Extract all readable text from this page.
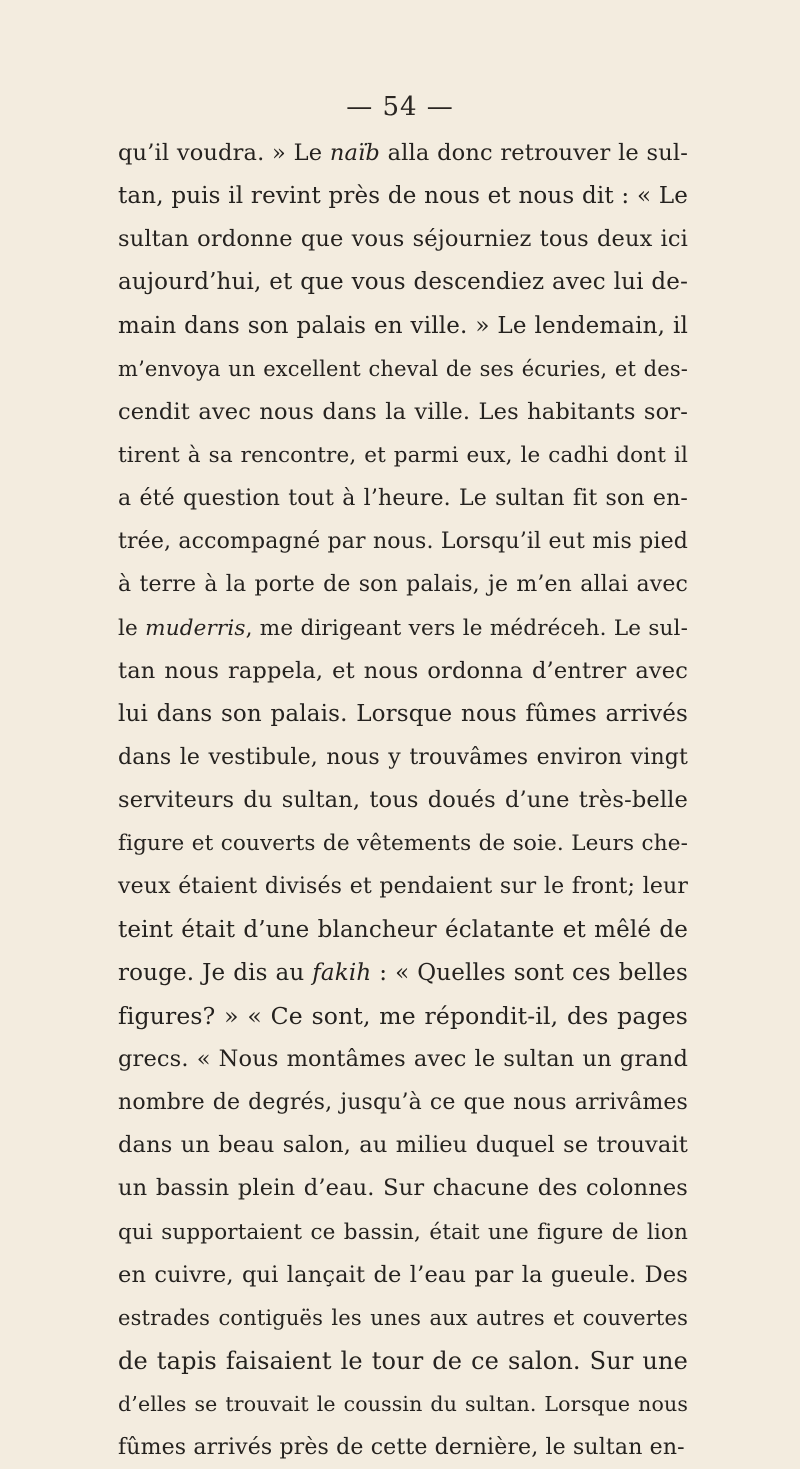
— 54 —
qu’il voudra. » Le naïb alla donc retrouver le sul-
tan, puis il revint près de nous et nous dit : « Le
sultan ordonne que vous séjourniez tous deux ici
aujourd’hui, et que vous descendiez avec lui de-
main dans son palais en ville. » Le lendemain, il
m’envoya un excellent cheval de ses écuries, et des-
cendit avec nous dans la ville. Les habitants sor-
tirent à sa rencontre, et parmi eux, le cadhi dont il
a été question tout à l’heure. Le sultan fit son en-
trée, accompagné par nous. Lorsqu’il eut mis pied
à terre à la porte de son palais, je m’en allai avec
le muderris, me dirigeant vers le médréceh. Le sul-
tan nous rappela, et nous ordonna d’entrer avec
lui dans son palais. Lorsque nous fûmes arrivés
dans le vestibule, nous y trouvâmes environ vingt
serviteurs du sultan, tous doués d’une très-belle
figure et couverts de vêtements de soie. Leurs che-
veux étaient divisés et pendaient sur le front; leur
teint était d’une blancheur éclatante et mêlé de
rouge. Je dis au fakih : « Quelles sont ces belles
figures? » « Ce sont, me répondit-il, des pages
grecs. « Nous montâmes avec le sultan un grand
nombre de degrés, jusqu’à ce que nous arrivâmes
dans un beau salon, au milieu duquel se trouvait
un bassin plein d’eau. Sur chacune des colonnes
qui supportaient ce bassin, était une figure de lion
en cuivre, qui lançait de l’eau par la gueule. Des
estrades contiguës les unes aux autres et couvertes
de tapis faisaient le tour de ce salon. Sur une
d’elles se trouvait le coussin du sultan. Lorsque nous
fûmes arrivés près de cette dernière, le sultan en-
